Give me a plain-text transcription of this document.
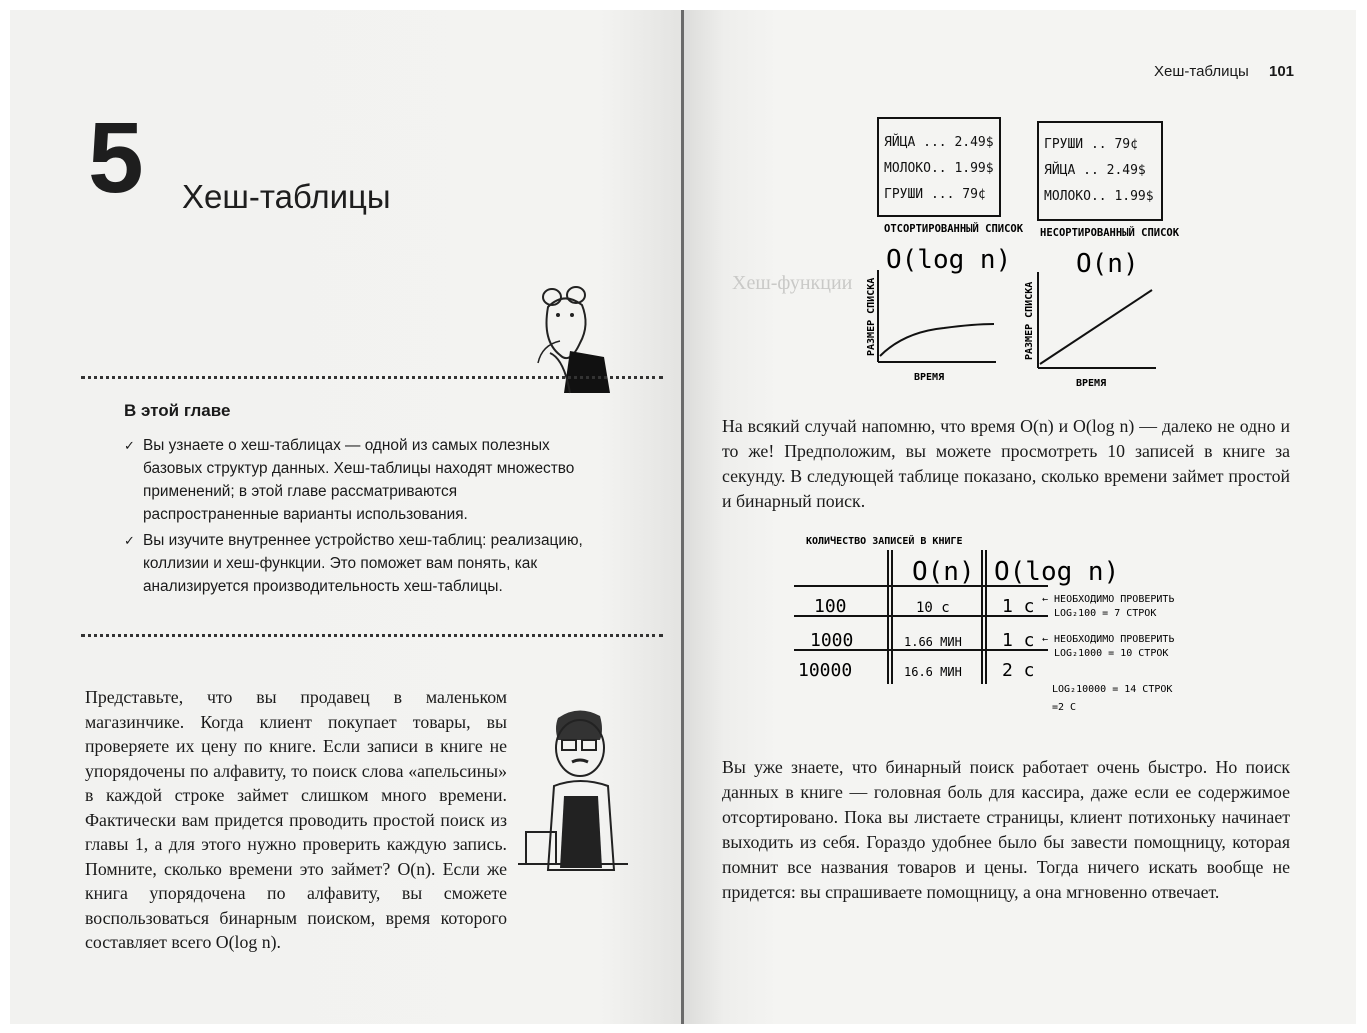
5 Хеш-таблицы
В этой главе
✓ Вы узнаете о хеш-таблицах — одной из самых полезных базовых структур данных. Хеш-таблицы находят множество применений; в этой главе рассматриваются распространенные варианты использования.
✓ Вы изучите внутреннее устройство хеш-таблиц: реализацию, коллизии и хеш-функции. Это поможет вам понять, как анализируется производительность хеш-таблицы.

Представьте, что вы продавец в маленьком магазинчике. Когда клиент покупает товары, вы проверяете их цену по книге. Если записи в книге не упорядочены по алфавиту, то поиск слова «апельсины» в каждой строке займет слишком много времени. Фактически вам придется проводить простой поиск из главы 1, а для этого нужно проверить каждую запись. Помните, сколько времени это займет? O(n). Если же книга упорядочена по алфавиту, вы сможете воспользоваться бинарным поиском, время которого составляет всего O(log n).

Хеш-таблицы 101
Хеш-функции
ЯЙЦА ... 2.49$
МОЛОКО.. 1.99$
ГРУШИ ... 79¢
ГРУШИ .. 79¢
ЯЙЦА .. 2.49$
МОЛОКО.. 1.99$
ОТСОРТИРОВАННЫЙ СПИСОК НЕСОРТИРОВАННЫЙ СПИСОК
O(log n) O(n)
РАЗМЕР СПИСКА	РАЗМЕР СПИСКА
ВРЕМЯ
ВРЕМЯ

На всякий случай напомню, что время O(n) и O(log n) — далеко не одно и то же! Предположим, вы можете просмотреть 10 записей в книге за секунду. В следующей таблице показано, сколько времени займет простой и бинарный поиск.

КОЛИЧЕСТВО ЗАПИСЕЙ В КНИГЕ
O(n) O(log n)
100	10 c	1 c ← НЕОБХОДИМО ПРОВЕРИТЬ
LOG₂100 = 7 СТРОК
1000	1.66 МИН 1 c ← НЕОБХОДИМО ПРОВЕРИТЬ
LOG₂1000 = 10 СТРОК
10000	16.6 МИН 2 c
LOG₂10000 = 14 СТРОК
=2 C

Вы уже знаете, что бинарный поиск работает очень быстро. Но поиск данных в книге — головная боль для кассира, даже если ее содержимое отсортировано. Пока вы листаете страницы, клиент потихоньку начинает выходить из себя. Гораздо удобнее было бы завести помощницу, которая помнит все названия товаров и цены. Тогда ничего искать вообще не придется: вы спрашиваете помощницу, а она мгновенно отвечает.
